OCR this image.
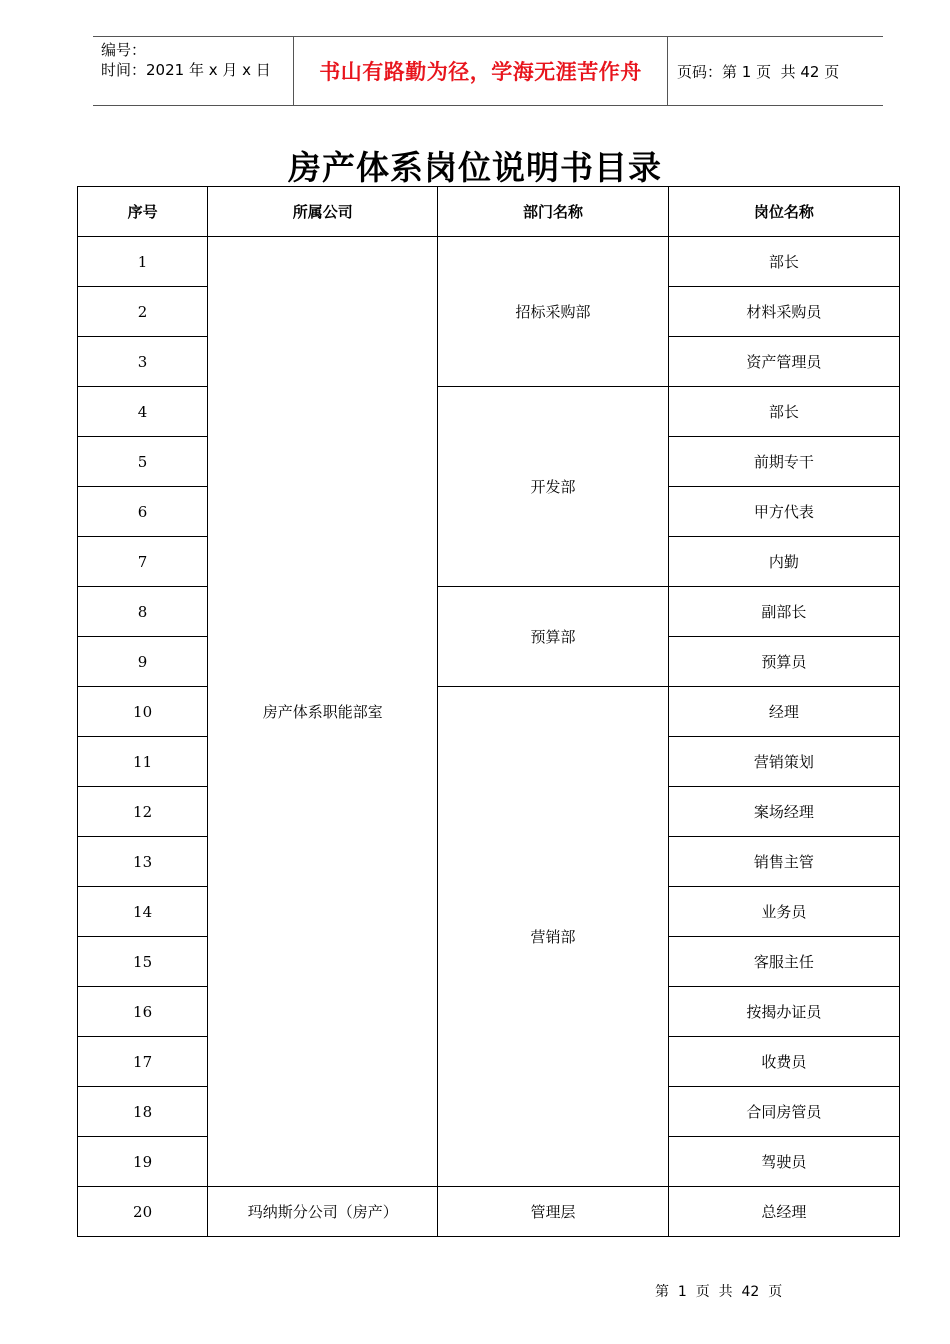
编号：
时间：2021 年 x 月 x 日	书山有路勤为径，学海无涯苦作舟	页码：第 1 页  共 42 页
房产体系岗位说明书目录
序号	所属公司	部门名称	岗位名称
1	房产体系职能部室	招标采购部	部长
2			材料采购员
3			资产管理员
4		开发部	部长
5			前期专干
6			甲方代表
7			内勤
8		预算部	副部长
9			预算员
10		营销部	经理
11			营销策划
12			案场经理
13			销售主管
14			业务员
15			客服主任
16			按揭办证员
17			收费员
18			合同房管员
19			驾驶员
20	玛纳斯分公司（房产）	管理层	总经理
第  1  页  共  42  页
